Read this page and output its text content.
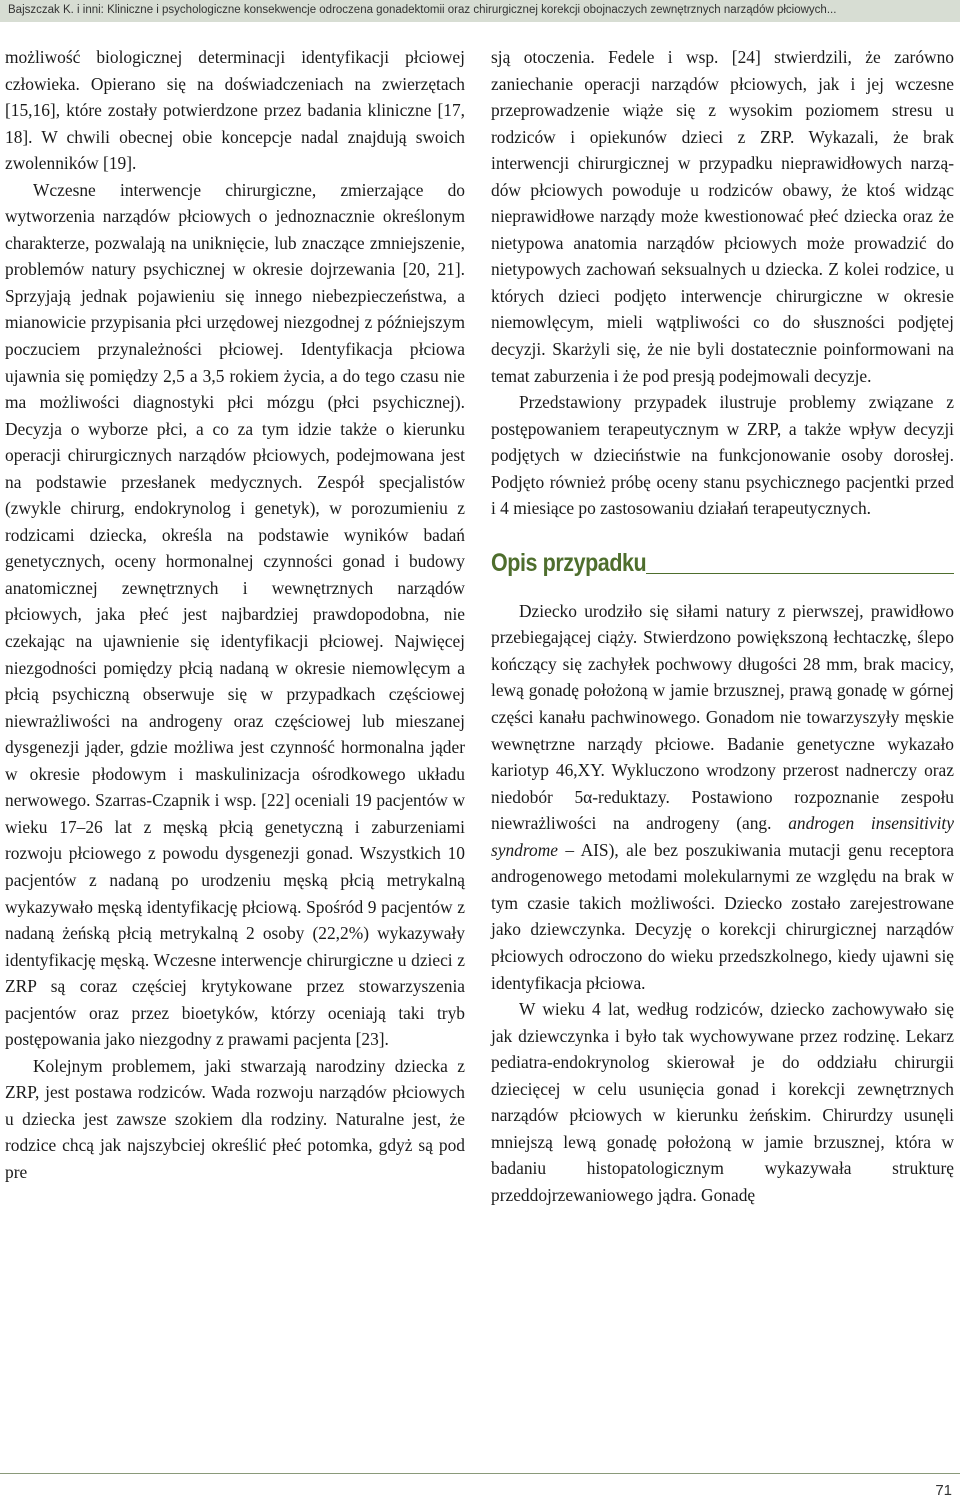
Bajszczak K. i inni: Kliniczne i psychologiczne konsekwencje odroczena gonadektomii oraz chirurgicznej korekcji obojnaczych zewnętrznych narządów płciowych...

możliwość biologicznej determinacji identyfikacji płciowej człowieka. Opierano się na doświadczeniach na zwierzętach [15,16], które zostały potwierdzone przez badania kliniczne [17, 18]. W chwili obecnej obie koncepcje nadal znajdują swoich zwolenników [19].

Wczesne interwencje chirurgiczne, zmierzające do wytworzenia narządów płciowych o jednoznacznie określonym charakterze, pozwalają na uniknięcie, lub znaczące zmniejszenie, problemów natury psychicznej w okresie dojrzewania [20, 21]. Sprzyjają jednak pojawieniu się innego niebezpieczeństwa, a mianowicie przypisania płci urzędowej niezgodnej z późniejszym poczuciem przynależności płciowej. Identyfikacja płciowa ujawnia się pomiędzy 2,5 a 3,5 rokiem życia, a do tego czasu nie ma możliwości diagnostyki płci mózgu (płci psychicznej). Decyzja o wyborze płci, a co za tym idzie także o kierunku operacji chirurgicznych narządów płciowych, podejmowana jest na podstawie przesłanek medycznych. Zespół specjalistów (zwykle chirurg, endokrynolog i genetyk), w porozumieniu z rodzicami dziecka, określa na podstawie wyników badań genetycznych, oceny hormonalnej czynności gonad i budowy anatomicznej zewnętrznych i wewnętrznych narządów płciowych, jaka płeć jest najbardziej prawdopodobna, nie czekając na ujawnienie się identyfikacji płciowej. Najwięcej niezgodności pomiędzy płcią nadaną w okresie niemowlęcym a płcią psychiczną obserwuje się w przypadkach częściowej niewrażliwości na androgeny oraz częściowej lub mieszanej dysgenezji jąder, gdzie możliwa jest czynność hormonalna jąder w okresie płodowym i maskulinizacja ośrodkowego układu nerwowego. Szarras-Czapnik i wsp. [22] oceniali 19 pacjentów w wieku 17–26 lat z męską płcią genetyczną i zaburzeniami rozwoju płciowego z powodu dysgenezji gonad. Wszystkich 10 pacjentów z nadaną po urodzeniu męską płcią metrykalną wykazywało męską identyfikację płciową. Spośród 9 pacjentów z nadaną żeńską płcią metrykalną 2 osoby (22,2%) wykazywały identyfikację męską. Wczesne interwencje chirurgiczne u dzieci z ZRP są coraz częściej krytykowane przez stowarzyszenia pacjentów oraz przez bioetyków, którzy oceniają taki tryb postępowania jako niezgodny z prawami pacjenta [23].

Kolejnym problemem, jaki stwarzają narodziny dziecka z ZRP, jest postawa rodziców. Wada rozwoju narządów płciowych u dziecka jest zawsze szokiem dla rodziny. Naturalne jest, że rodzice chcą jak najszybciej określić płeć potomka, gdyż są pod pre

sją otoczenia. Fedele i wsp. [24] stwierdzili, że zarówno zaniechanie operacji narządów płciowych, jak i jej wczesne przeprowadzenie wiąże się z wysokim poziomem stresu u rodziców i opiekunów dzieci z ZRP. Wykazali, że brak interwencji chirurgicznej w przypadku nieprawidłowych narządów płciowych powoduje u rodziców obawy, że ktoś widząc nieprawidłowe narządy może kwestionować płeć dziecka oraz że nietypowa anatomia narządów płciowych może prowadzić do nietypowych zachowań seksualnych u dziecka. Z kolei rodzice, u których dzieci podjęto interwencje chirurgiczne w okresie niemowlęcym, mieli wątpliwości co do słuszności podjętej decyzji. Skarżyli się, że nie byli dostatecznie poinformowani na temat zaburzenia i że pod presją podejmowali decyzje.

Przedstawiony przypadek ilustruje problemy związane z postępowaniem terapeutycznym w ZRP, a także wpływ decyzji podjętych w dzieciństwie na funkcjonowanie osoby dorosłej. Podjęto również próbę oceny stanu psychicznego pacjentki przed i 4 miesiące po zastosowaniu działań terapeutycznych.

Opis przypadku

Dziecko urodziło się siłami natury z pierwszej, prawidłowo przebiegającej ciąży. Stwierdzono powiększoną łechtaczkę, ślepo kończący się zachyłek pochwowy długości 28 mm, brak macicy, lewą gonadę położoną w jamie brzusznej, prawą gonadę w górnej części kanału pachwinowego. Gonadom nie towarzyszyły męskie wewnętrzne narządy płciowe. Badanie genetyczne wykazało kariotyp 46,XY. Wykluczono wrodzony przerost nadnerczy oraz niedobór 5α-reduktazy. Postawiono rozpoznanie zespołu niewrażliwości na androgeny (ang. androgen insensitivity syndrome – AIS), ale bez poszukiwania mutacji genu receptora androgenowego metodami molekularnymi ze względu na brak w tym czasie takich możliwości. Dziecko zostało zarejestrowane jako dziewczynka. Decyzję o korekcji chirurgicznej narządów płciowych odroczono do wieku przedszkolnego, kiedy ujawni się identyfikacja płciowa.

W wieku 4 lat, według rodziców, dziecko zachowywało się jak dziewczynka i było tak wychowywane przez rodzinę. Lekarz pediatra-endokrynolog skierował je do oddziału chirurgii dziecięcej w celu usunięcia gonad i korekcji zewnętrznych narządów płciowych w kierunku żeńskim. Chirurdzy usunęli mniejszą lewą gonadę położoną w jamie brzusznej, która w badaniu histopatologicznym wykazywała strukturę przeddojrzewaniowego jądra. Gonadę

71
